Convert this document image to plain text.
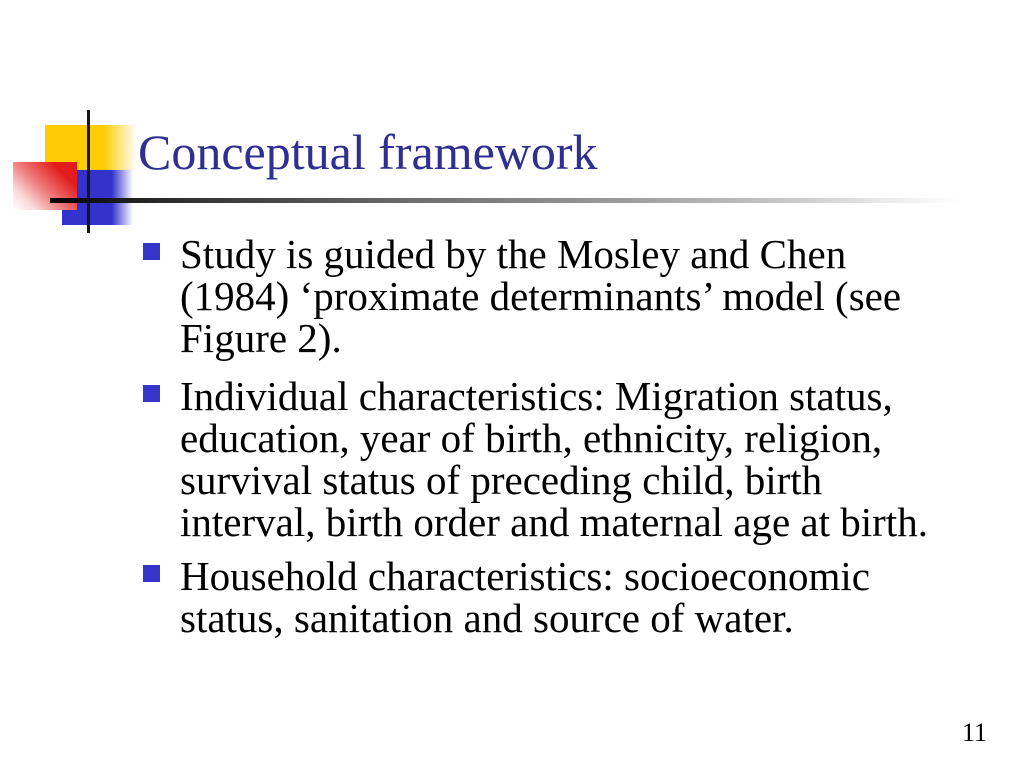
Conceptual framework
Study is guided by the Mosley and Chen
(1984) ‘proximate determinants’ model (see
Figure 2).
Individual characteristics: Migration status,
education, year of birth, ethnicity, religion,
survival status of preceding child, birth
interval, birth order and maternal age at birth.
Household characteristics: socioeconomic
status, sanitation and source of water.
11
